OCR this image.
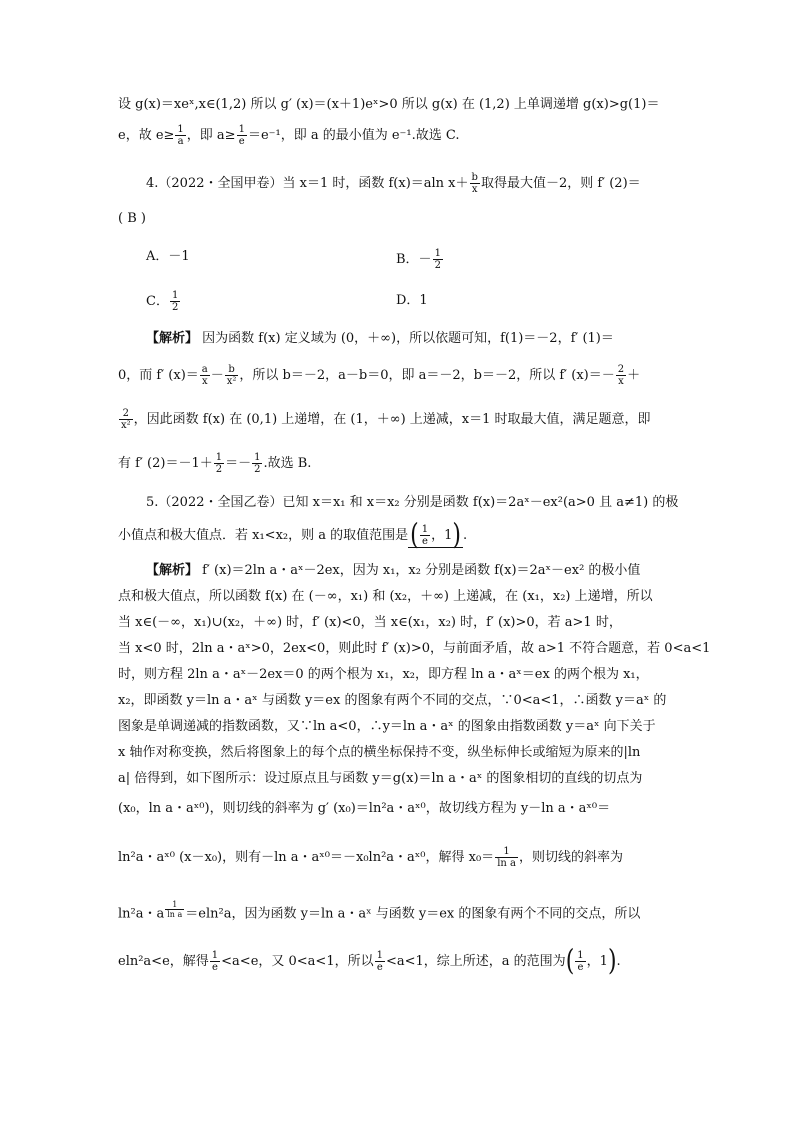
设 g(x)＝xeˣ,x∈(1,2) 所以 g′ (x)＝(x＋1)eˣ>0 所以 g(x) 在 (1,2) 上单调递增 g(x)>g(1)＝
e，故 $e\ge \frac{1}{a}$ ，即 $a\ge \frac{1}{e} =e^{-1}$，即 a 的最小值为 e⁻¹.故选 C.
4.（2022・全国甲卷）当 x＝1 时，函数 f(x)＝aln $x+ \frac{b}{x}$ 取得最大值－2，则 f′ (2)＝
( B )
A．－1	B．－ $\frac{1}{2}$
C． $\frac{1}{2}$	D．1
【解析】 因为函数 f(x) 定义域为 (0，＋∞)，所以依题可知，f(1)＝－2，f′ (1)＝
0，而 f′ $(x)= \frac{a}{x} - \frac{b}{\text{x²}}$ ，所以 b＝－2，a－b＝0，即 a＝－2，b＝－2，所以 f′ $(x)=- \frac{2}{x}$ ＋
$\frac{2}{\text{x²}}$ ，因此函数 f(x) 在 (0,1) 上递增，在 (1，＋∞) 上递减，x＝1 时取最大值，满足题意，即
有 f′ $(2)=-1+ \frac{1}{2} =- \frac{1}{2}$ .故选 B.
5.（2022・全国乙卷）已知 x＝x₁ 和 x＝x₂ 分别是函数 f(x)＝2aˣ－ex²(a>0 且 a≠1) 的极
小值点和极大值点．若 x₁<x₂，则 a 的取值范围是( $\frac{1}{e}$ ，1) .
【解析】 f′ (x)＝2ln a・aˣ－2ex，因为 x₁，x₂ 分别是函数 f(x)＝2aˣ－ex² 的极小值
点和极大值点，所以函数 f(x) 在 (－∞，x₁) 和 (x₂，＋∞) 上递减，在 (x₁，x₂) 上递增，所以
当 x∈(－∞，x₁)∪(x₂，＋∞) 时，f′ (x)<0，当 x∈(x₁，x₂) 时，f′ (x)>0，若 a>1 时，
当 x<0 时，2ln a・aˣ>0，2ex<0，则此时 f′ (x)>0，与前面矛盾，故 a>1 不符合题意，若 0<a<1
时，则方程 2ln a・aˣ－2ex＝0 的两个根为 x₁，x₂，即方程 ln a・aˣ＝ex 的两个根为 x₁，
x₂，即函数 y＝ln a・aˣ 与函数 y＝ex 的图象有两个不同的交点，∵0<a<1，∴函数 y＝aˣ 的
图象是单调递减的指数函数，又∵ln a<0，∴y＝ln a・aˣ 的图象由指数函数 y＝aˣ 向下关于
x 轴作对称变换，然后将图象上的每个点的横坐标保持不变，纵坐标伸长或缩短为原来的|ln
a| 倍得到，如下图所示：设过原点且与函数 y＝g(x)＝ln a・aˣ 的图象相切的直线的切点为
(x₀，ln a・aˣ⁰)，则切线的斜率为 g′ (x₀)＝ln²a・aˣ⁰，故切线方程为 y－ln a・aˣ⁰＝
ln²a・aˣ⁰ (x－x₀)，则有－ln a・aˣ⁰＝－x₀ln²a・aˣ⁰，解得 $x_0= \frac{1}{\text{ln a}}$ ，则切线的斜率为
ln²a・a $^{\frac{1}{\text{ln a}}}$ ＝eln²a，因为函数 y＝ln a・aˣ 与函数 y＝ex 的图象有两个不同的交点，所以
eln²a<e，解得 $\frac{1}{e} <a<e$，又 0<a<1，所以 $\frac{1}{e} <a<1$，综上所述，a 的范围为( $\frac{1}{e}$ ，1).
